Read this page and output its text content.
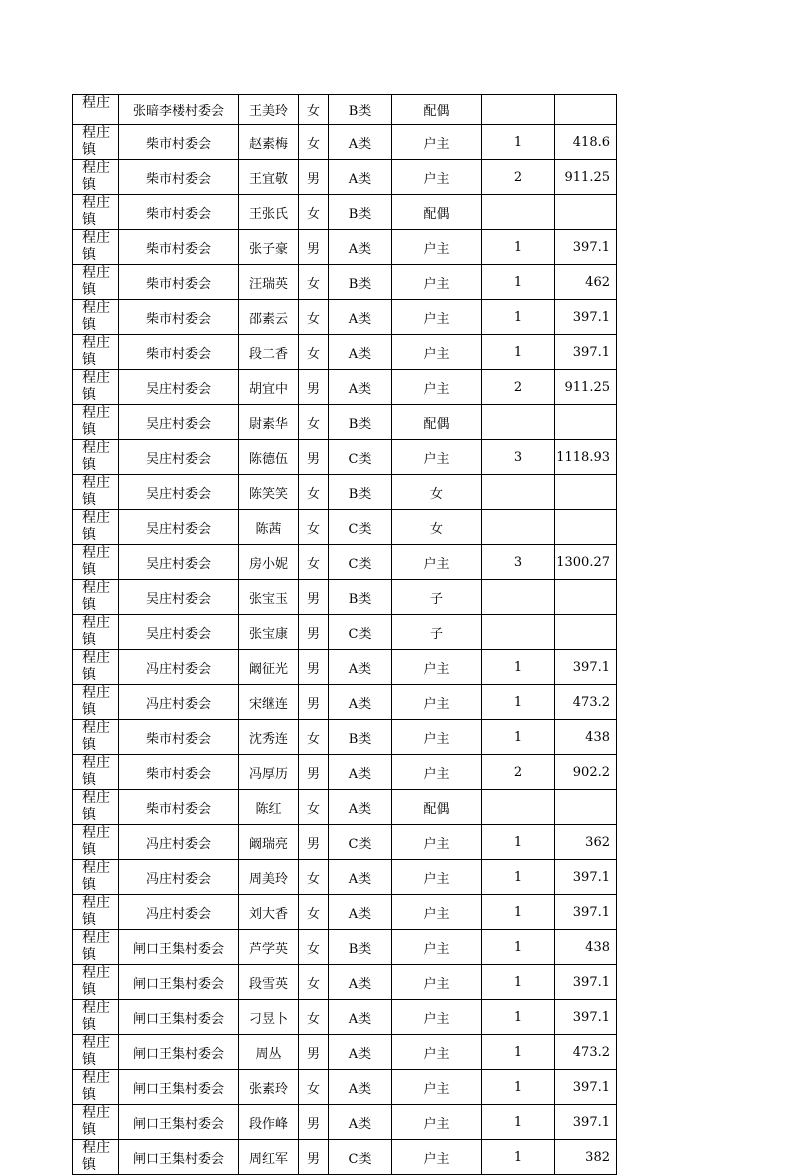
程庄	张暗李楼村委会	王美玲	女	B类	配偶		
程庄镇	柴市村委会	赵素梅	女	A类	户主	1	418.6
程庄镇	柴市村委会	王宜敬	男	A类	户主	2	911.25
程庄镇	柴市村委会	王张氏	女	B类	配偶		
程庄镇	柴市村委会	张子豪	男	A类	户主	1	397.1
程庄镇	柴市村委会	汪瑞英	女	B类	户主	1	462
程庄镇	柴市村委会	邵素云	女	A类	户主	1	397.1
程庄镇	柴市村委会	段二香	女	A类	户主	1	397.1
程庄镇	吴庄村委会	胡宜中	男	A类	户主	2	911.25
程庄镇	吴庄村委会	尉素华	女	B类	配偶		
程庄镇	吴庄村委会	陈德伍	男	C类	户主	3	1118.93
程庄镇	吴庄村委会	陈笑笑	女	B类	女		
程庄镇	吴庄村委会	陈茜	女	C类	女		
程庄镇	吴庄村委会	房小妮	女	C类	户主	3	1300.27
程庄镇	吴庄村委会	张宝玉	男	B类	子		
程庄镇	吴庄村委会	张宝康	男	C类	子		
程庄镇	冯庄村委会	阚征光	男	A类	户主	1	397.1
程庄镇	冯庄村委会	宋继连	男	A类	户主	1	473.2
程庄镇	柴市村委会	沈秀连	女	B类	户主	1	438
程庄镇	柴市村委会	冯厚历	男	A类	户主	2	902.2
程庄镇	柴市村委会	陈红	女	A类	配偶		
程庄镇	冯庄村委会	阚瑞亮	男	C类	户主	1	362
程庄镇	冯庄村委会	周美玲	女	A类	户主	1	397.1
程庄镇	冯庄村委会	刘大香	女	A类	户主	1	397.1
程庄镇	闸口王集村委会	芦学英	女	B类	户主	1	438
程庄镇	闸口王集村委会	段雪英	女	A类	户主	1	397.1
程庄镇	闸口王集村委会	刁昱卜	女	A类	户主	1	397.1
程庄镇	闸口王集村委会	周丛	男	A类	户主	1	473.2
程庄镇	闸口王集村委会	张素玲	女	A类	户主	1	397.1
程庄镇	闸口王集村委会	段作峰	男	A类	户主	1	397.1
程庄镇	闸口王集村委会	周红军	男	C类	户主	1	382
